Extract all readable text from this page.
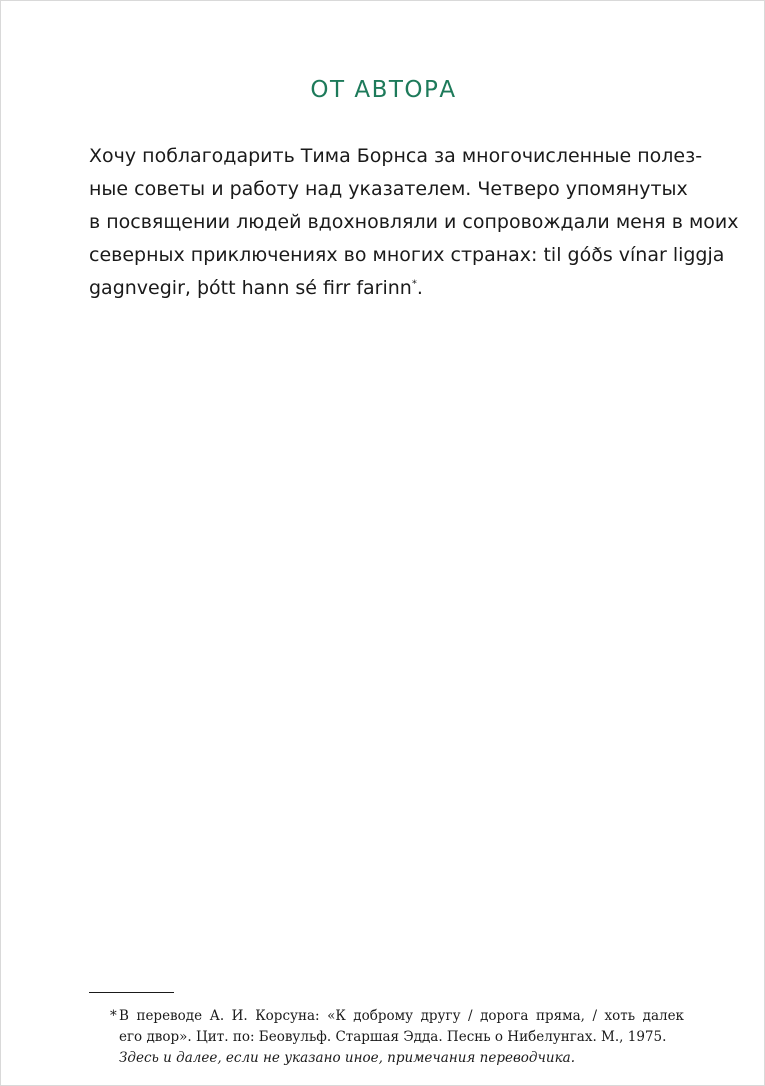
ОТ АВТОРА
Хочу поблагодарить Тима Борнса за многочисленные полез-
ные советы и работу над указателем. Четверо упомянутых
в посвящении людей вдохновляли и сопровождали меня в моих
северных приключениях во многих странах: til góðs vínar liggja
gagnvegir, þótt hann sé firr farinn*.
* В переводе А. И. Корсуна: «К доброму другу / дорога пряма, / хоть далек
его двор». Цит. по: Беовульф. Старшая Эдда. Песнь о Нибелунгах. М., 1975.
Здесь и далее, если не указано иное, примечания переводчика.
